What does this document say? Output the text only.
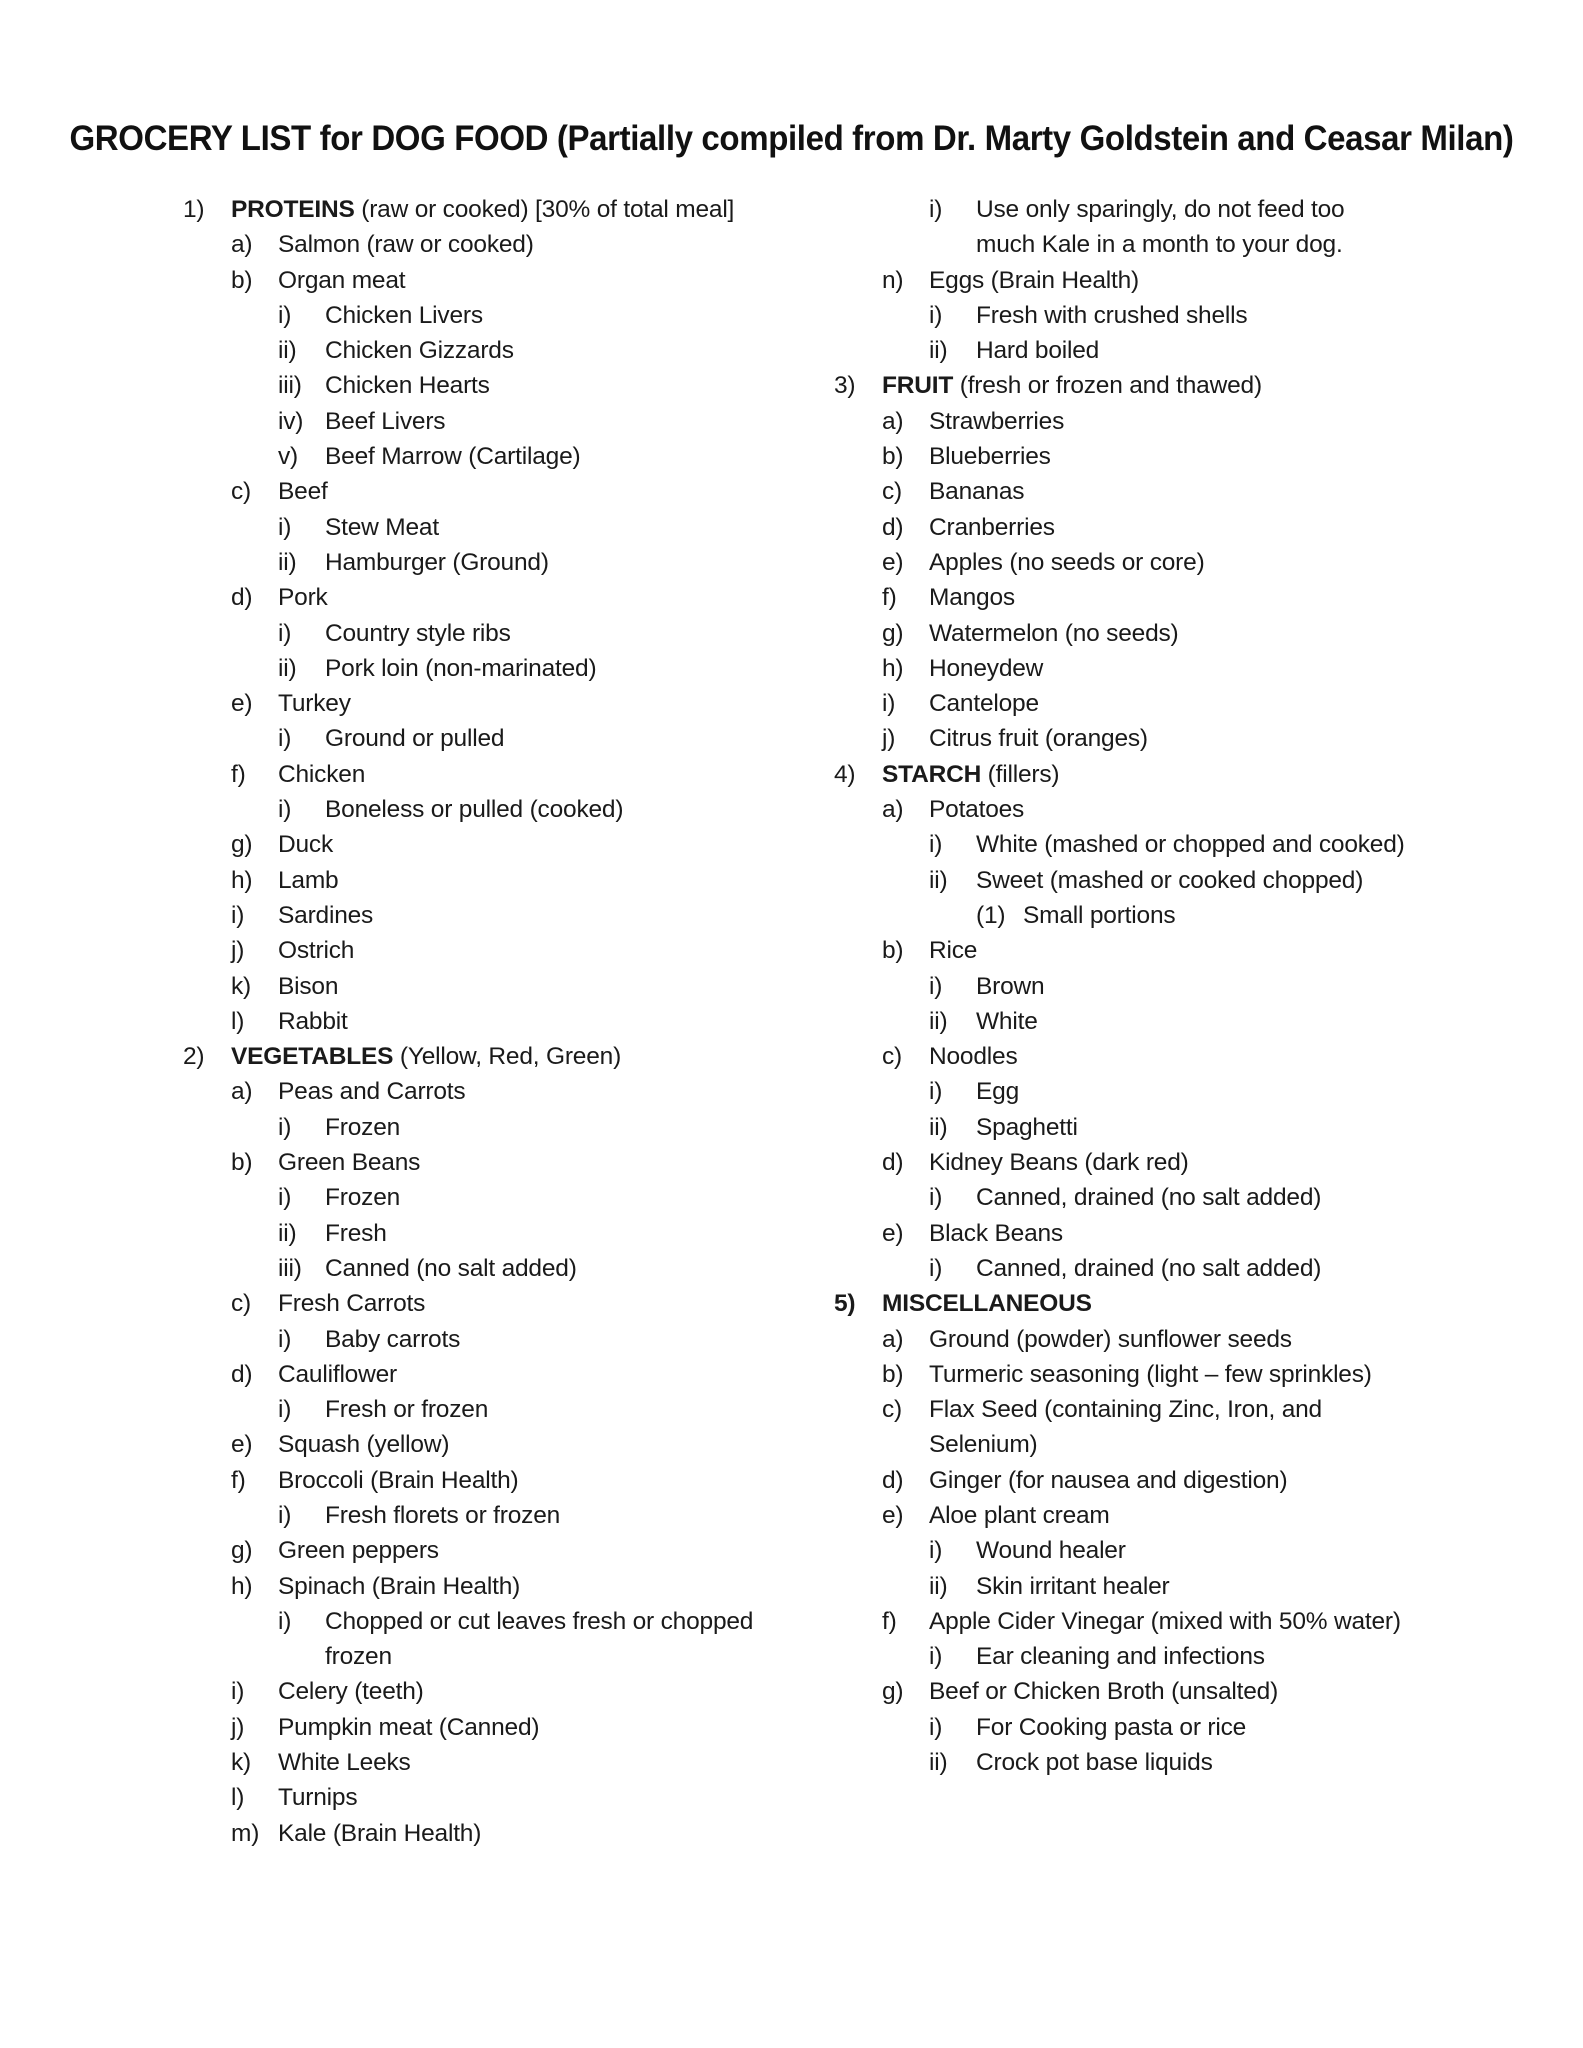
GROCERY LIST for DOG FOOD (Partially compiled from Dr. Marty Goldstein and Ceasar Milan)
1) PROTEINS (raw or cooked) [30% of total meal]
a) Salmon (raw or cooked)
b) Organ meat
i) Chicken Livers
ii) Chicken Gizzards
iii) Chicken Hearts
iv) Beef Livers
v) Beef Marrow (Cartilage)
c) Beef
i) Stew Meat
ii) Hamburger (Ground)
d) Pork
i) Country style ribs
ii) Pork loin (non-marinated)
e) Turkey
i) Ground or pulled
f) Chicken
i) Boneless or pulled (cooked)
g) Duck
h) Lamb
i) Sardines
j) Ostrich
k) Bison
l) Rabbit
2) VEGETABLES (Yellow, Red, Green)
a) Peas and Carrots
i) Frozen
b) Green Beans
i) Frozen
ii) Fresh
iii) Canned (no salt added)
c) Fresh Carrots
i) Baby carrots
d) Cauliflower
i) Fresh or frozen
e) Squash (yellow)
f) Broccoli (Brain Health)
i) Fresh florets or frozen
g) Green peppers
h) Spinach (Brain Health)
i) Chopped or cut leaves fresh or chopped
frozen
i) Celery (teeth)
j) Pumpkin meat (Canned)
k) White Leeks
l) Turnips
m) Kale (Brain Health)
i) Use only sparingly, do not feed too
much Kale in a month to your dog.
n) Eggs (Brain Health)
i) Fresh with crushed shells
ii) Hard boiled
3) FRUIT (fresh or frozen and thawed)
a) Strawberries
b) Blueberries
c) Bananas
d) Cranberries
e) Apples (no seeds or core)
f) Mangos
g) Watermelon (no seeds)
h) Honeydew
i) Cantelope
j) Citrus fruit (oranges)
4) STARCH (fillers)
a) Potatoes
i) White (mashed or chopped and cooked)
ii) Sweet (mashed or cooked chopped)
(1) Small portions
b) Rice
i) Brown
ii) White
c) Noodles
i) Egg
ii) Spaghetti
d) Kidney Beans (dark red)
i) Canned, drained (no salt added)
e) Black Beans
i) Canned, drained (no salt added)
5) MISCELLANEOUS
a) Ground (powder) sunflower seeds
b) Turmeric seasoning (light – few sprinkles)
c) Flax Seed (containing Zinc, Iron, and
Selenium)
d) Ginger (for nausea and digestion)
e) Aloe plant cream
i) Wound healer
ii) Skin irritant healer
f) Apple Cider Vinegar (mixed with 50% water)
i) Ear cleaning and infections
g) Beef or Chicken Broth (unsalted)
i) For Cooking pasta or rice
ii) Crock pot base liquids
